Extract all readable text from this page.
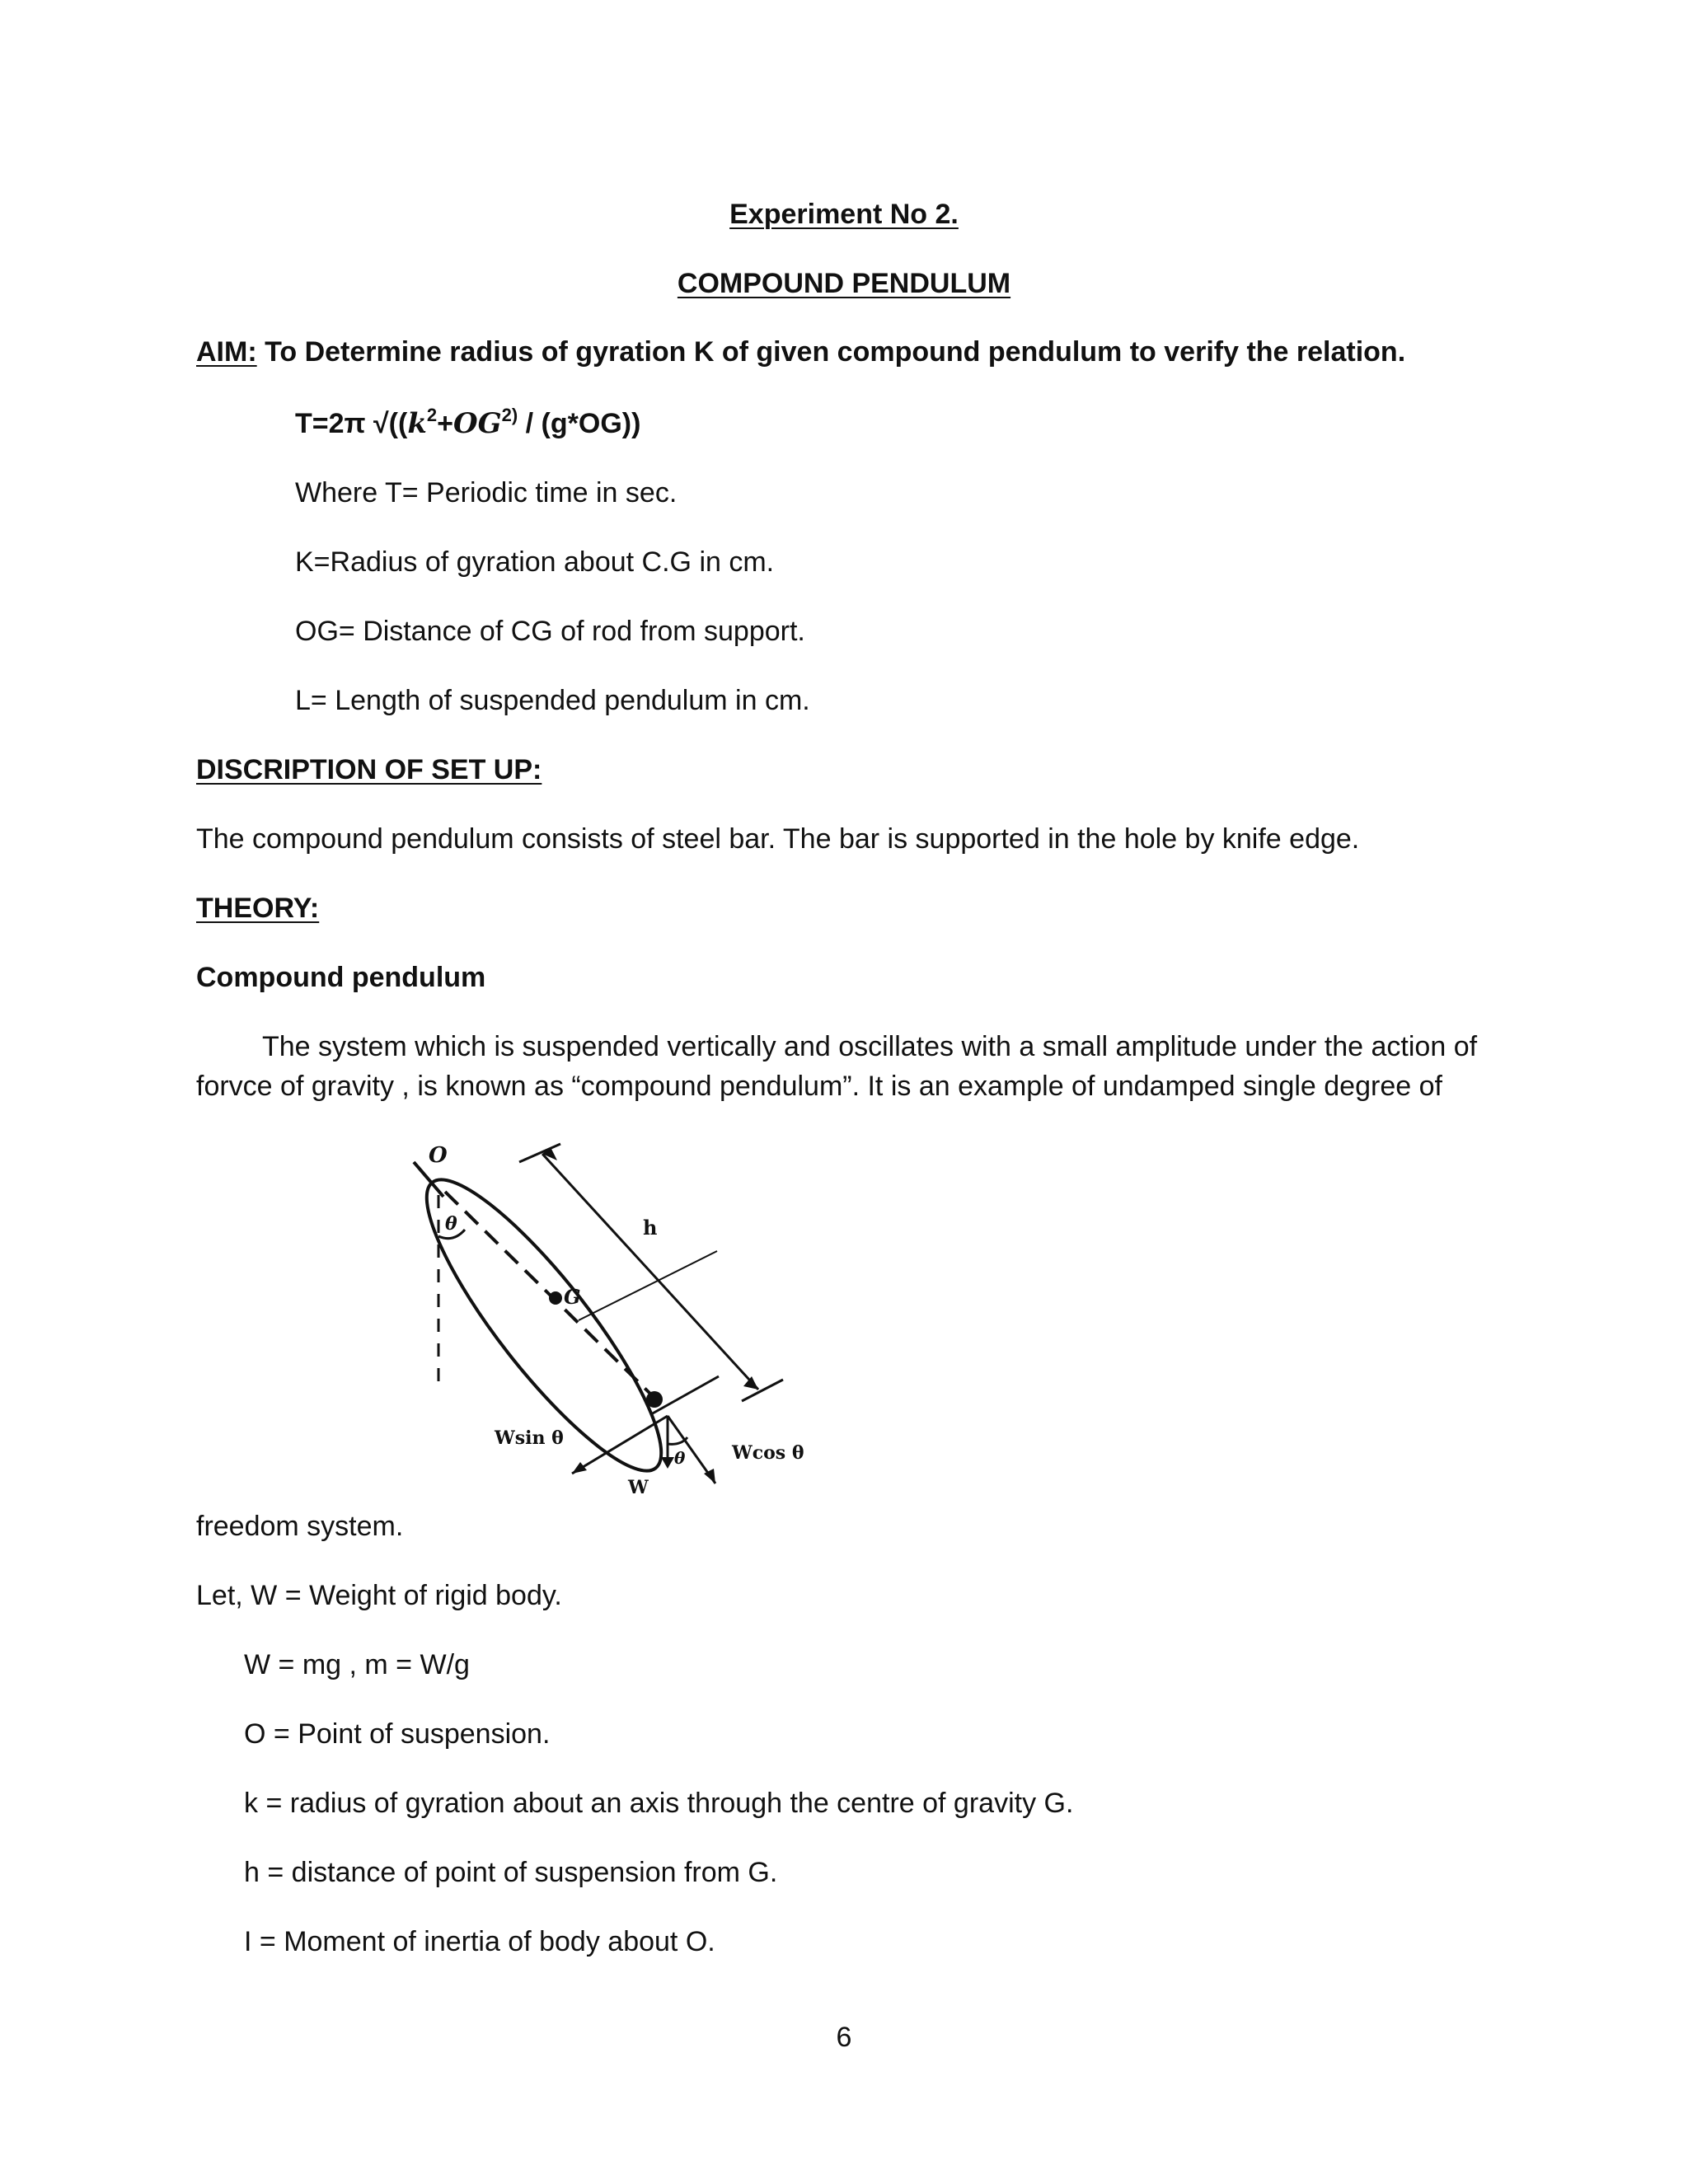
Experiment No 2.
COMPOUND PENDULUM
AIM: To Determine radius of gyration K of given compound pendulum to verify the relation.
T=2π $√((k^2+OG^{2)} / (g*OG))$
Where T= Periodic time in sec.
K=Radius of gyration about C.G in cm.
OG= Distance of CG of rod from support.
L= Length of suspended pendulum in cm.
DISCRIPTION OF SET UP:
The compound pendulum consists of steel bar. The bar is supported in the hole by knife edge.
THEORY:
Compound pendulum
The system which is suspended vertically and oscillates with a small amplitude under the action of
forvce of gravity , is known as “compound pendulum”. It is an example of undamped single degree of
O
θ	h
G
Wsin θ
θ	Wcos θ
W
freedom system.
Let, W = Weight of rigid body.
W = mg , m = W/g
O = Point of suspension.
k = radius of gyration about an axis through the centre of gravity G.
h = distance of point of suspension from G.
I = Moment of inertia of body about O.
6
